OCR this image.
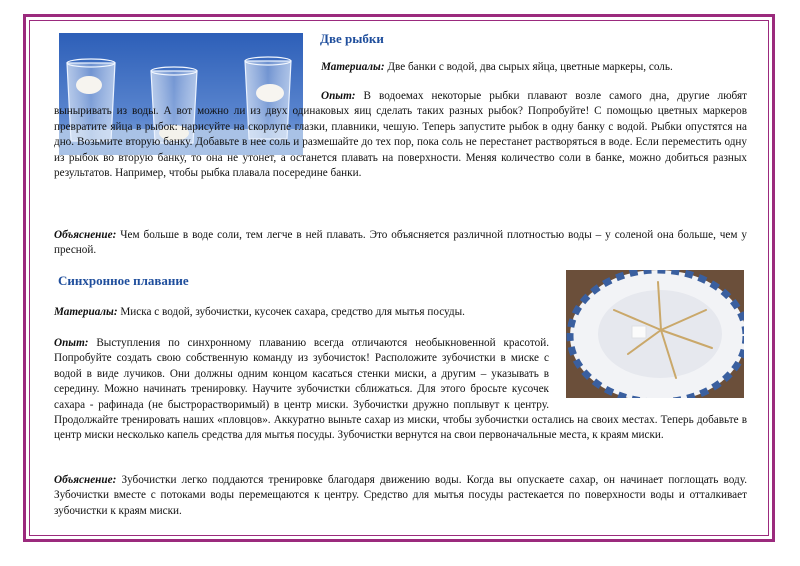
Две рыбки

Материалы: Две банки с водой, два сырых яйца, цветные маркеры, соль.

Опыт: В водоемах некоторые рыбки плавают возле самого дна, другие любят выныривать из воды. А вот можно ли из двух одинаковых яиц сделать таких разных рыбок? Попробуйте! С помощью цветных маркеров превратите яйца в рыбок: нарисуйте на скорлупе глазки, плавники, чешую. Теперь запустите рыбок в одну банку с водой. Рыбки опустятся на дно. Возьмите вторую банку. Добавьте в нее соль и размешайте до тех пор, пока соль не перестанет растворяться в воде. Если переместить одну из рыбок во вторую банку, то она не утонет, а останется плавать на поверхности. Меняя количество соли в банке, можно добиться разных результатов. Например, чтобы рыбка плавала посередине банки.

Объяснение: Чем больше в воде соли, тем легче в ней плавать. Это объясняется различной плотностью воды – у соленой она больше, чем у пресной.

Синхронное плавание

Материалы: Миска с водой, зубочистки, кусочек сахара, средство для мытья посуды.

Опыт: Выступления по синхронному плаванию всегда отличаются необыкновенной красотой. Попробуйте создать свою собственную команду из зубочисток! Расположите зубочистки в миске с водой в виде лучиков. Они должны одним концом касаться стенки миски, а другим – указывать в середину. Можно начинать тренировку. Научите зубочистки сближаться. Для этого бросьте кусочек сахара - рафинада (не быстрорастворимый) в центр миски. Зубочистки дружно поплывут к центру. Продолжайте тренировать наших «пловцов». Аккуратно выньте сахар из миски, чтобы зубочистки остались на своих местах. Теперь добавьте в центр миски несколько капель средства для мытья посуды. Зубочистки вернутся на свои первоначальные места, к краям миски.

Объяснение: Зубочистки легко поддаются тренировке благодаря движению воды. Когда вы опускаете сахар, он начинает поглощать воду. Зубочистки вместе с потоками воды перемещаются к центру. Средство для мытья посуды растекается по поверхности воды и отталкивает зубочистки к краям миски.
